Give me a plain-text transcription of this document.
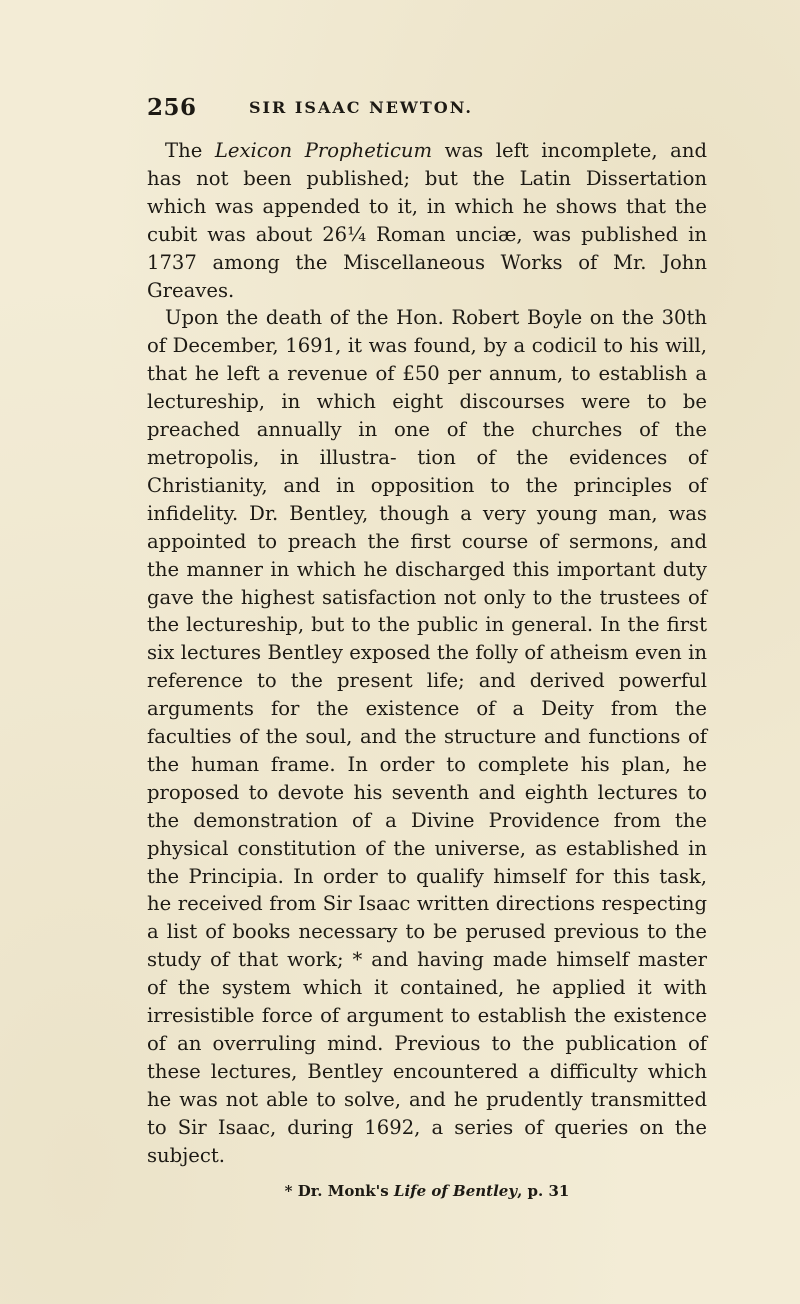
256	SIR ISAAC NEWTON.

The Lexicon Propheticum was left incomplete, and has not been published; but the Latin Dissertation which was appended to it, in which he shows that the cubit was about 26¼ Roman unciæ, was published in 1737 among the Miscellaneous Works of Mr. John Greaves.

Upon the death of the Hon. Robert Boyle on the 30th of December, 1691, it was found, by a codicil to his will, that he left a revenue of £50 per annum, to establish a lectureship, in which eight discourses were to be preached annually in one of the churches of the metropolis, in illustra- tion of the evidences of Christianity, and in opposition to the principles of infidelity. Dr. Bentley, though a very young man, was appointed to preach the first course of sermons, and the manner in which he discharged this important duty gave the highest satisfaction not only to the trustees of the lectureship, but to the public in general. In the first six lectures Bentley exposed the folly of atheism even in reference to the present life; and derived powerful arguments for the existence of a Deity from the faculties of the soul, and the structure and functions of the human frame. In order to complete his plan, he proposed to devote his seventh and eighth lectures to the demonstration of a Divine Providence from the physical constitution of the universe, as established in the Principia. In order to qualify himself for this task, he received from Sir Isaac written directions respecting a list of books necessary to be perused previous to the study of that work; * and having made himself master of the system which it contained, he applied it with irresistible force of argument to establish the existence of an overruling mind. Previous to the publication of these lectures, Bentley encountered a difficulty which he was not able to solve, and he prudently transmitted to Sir Isaac, during 1692, a series of queries on the subject.

* Dr. Monk's Life of Bentley, p. 31
